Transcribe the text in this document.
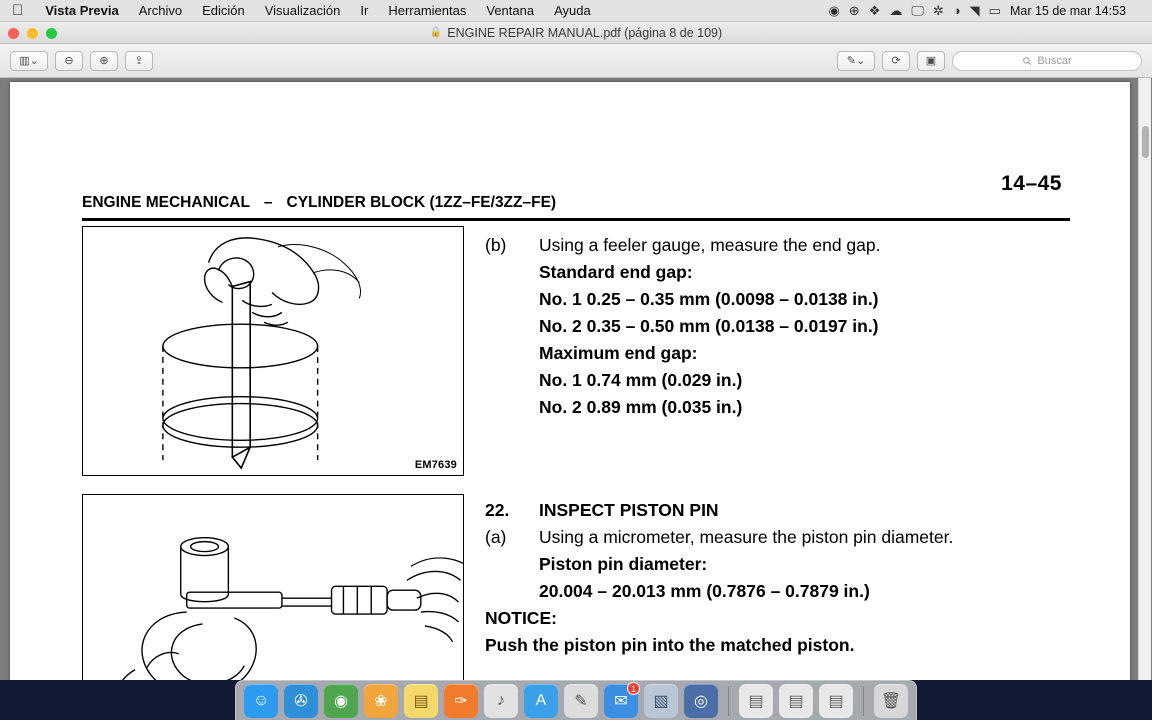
Vista Previa	Archivo	Edición	Visualización	Ir	Herramientas	Ventana	Ayuda	◉ ⊕ ❖ ☁ 🖵 ✲ ◑ ◥ ▭ Mar 15 de mar 14:53
🔒 ENGINE REPAIR MANUAL.pdf (página 8 de 109)
▥⌄	⊖	⊕	⇪	✎⌄	⟳	▣	Buscar
14–45
ENGINE MECHANICAL – CYLINDER BLOCK (1ZZ–FE/3ZZ–FE)
EM7639
(b)	Using a feeler gauge, measure the end gap.
Standard end gap:
No. 1 0.25 – 0.35 mm (0.0098 – 0.0138 in.)
No. 2 0.35 – 0.50 mm (0.0138 – 0.0197 in.)
Maximum end gap:
No. 1 0.74 mm (0.029 in.)
No. 2 0.89 mm (0.035 in.)
22.	INSPECT PISTON PIN
(a)	Using a micrometer, measure the piston pin diameter.
Piston pin diameter:
20.004 – 20.013 mm (0.7876 – 0.7879 in.)
NOTICE:
Push the piston pin into the matched piston.
☺	✇	◉	❀	▤	✑	♪	A	✎	✉
1
▧	◎	▤	▤	▤	🗑
